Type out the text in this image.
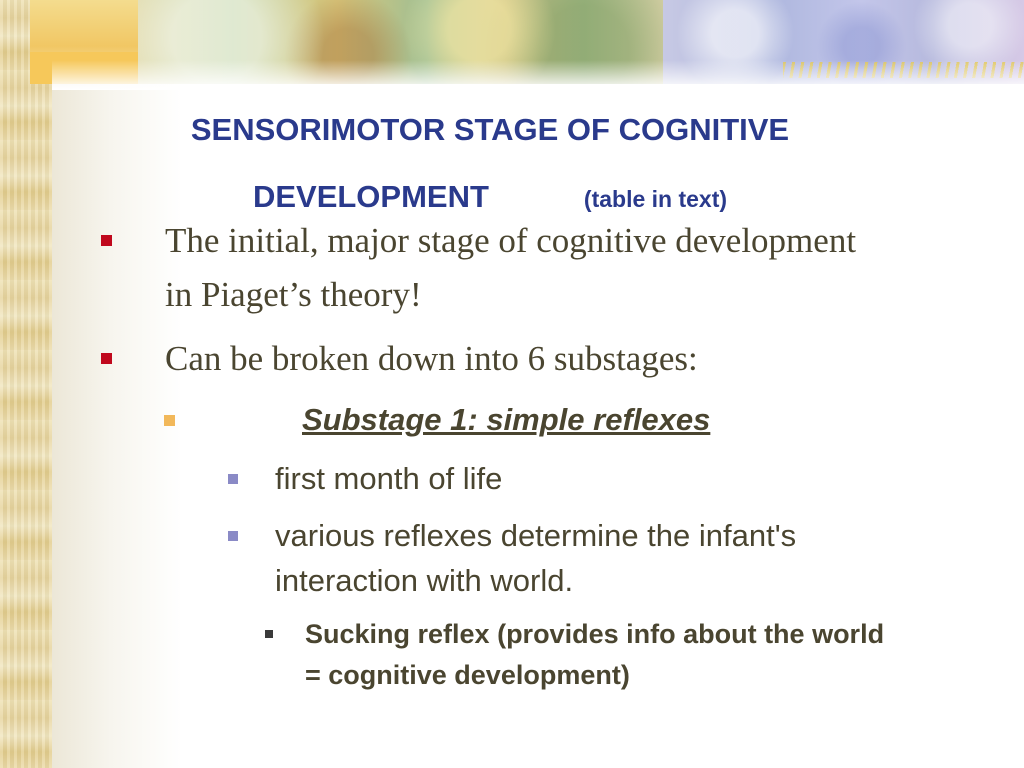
SENSORIMOTOR STAGE OF COGNITIVE
DEVELOPMENT	(table in text)
The initial, major stage of cognitive development in Piaget’s theory!
Can be broken down into 6 substages:
Substage 1: simple reflexes
first month of life
various reflexes determine the infant's interaction with world.
Sucking reflex (provides info about the world = cognitive development)
